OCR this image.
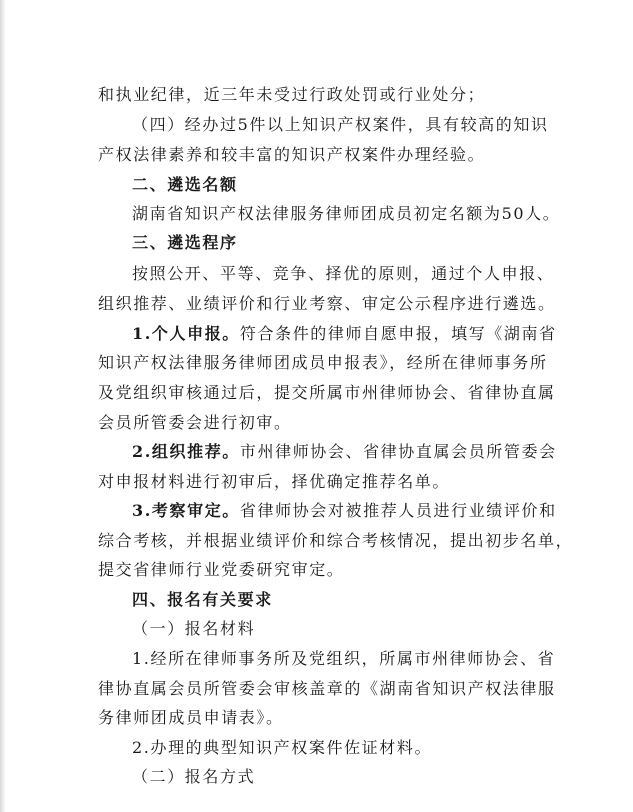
和执业纪律，近三年未受过行政处罚或行业处分；
（四）经办过5件以上知识产权案件，具有较高的知识
产权法律素养和较丰富的知识产权案件办理经验。
二、遴选名额
湖南省知识产权法律服务律师团成员初定名额为50人。
三、遴选程序
按照公开、平等、竞争、择优的原则，通过个人申报、
组织推荐、业绩评价和行业考察、审定公示程序进行遴选。
1.个人申报。符合条件的律师自愿申报，填写《湖南省
知识产权法律服务律师团成员申报表》，经所在律师事务所
及党组织审核通过后，提交所属市州律师协会、省律协直属
会员所管委会进行初审。
2.组织推荐。市州律师协会、省律协直属会员所管委会
对申报材料进行初审后，择优确定推荐名单。
3.考察审定。省律师协会对被推荐人员进行业绩评价和
综合考核，并根据业绩评价和综合考核情况，提出初步名单，
提交省律师行业党委研究审定。
四、报名有关要求
（一）报名材料
1.经所在律师事务所及党组织，所属市州律师协会、省
律协直属会员所管委会审核盖章的《湖南省知识产权法律服
务律师团成员申请表》。
2.办理的典型知识产权案件佐证材料。
（二）报名方式
